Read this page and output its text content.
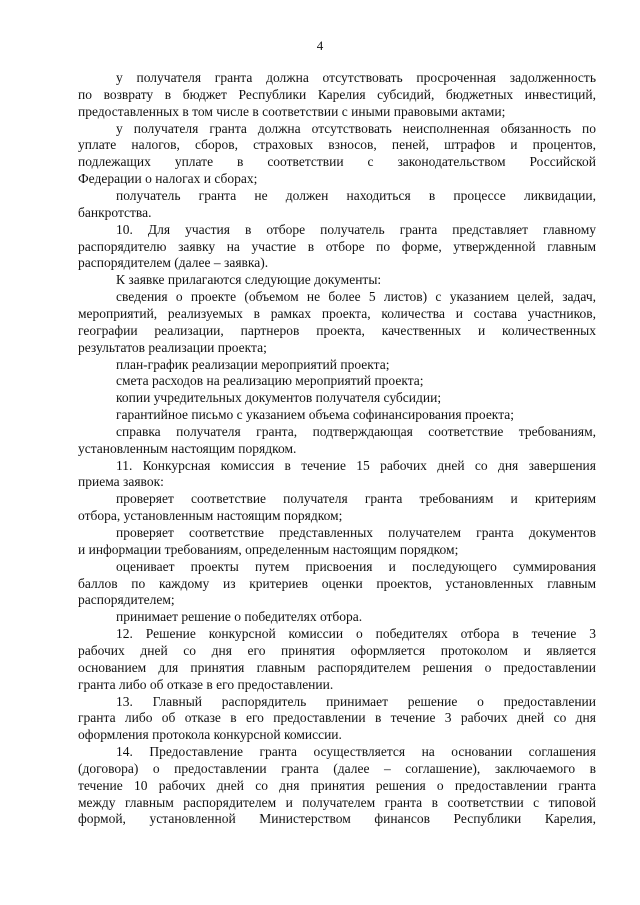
4
у получателя гранта должна отсутствовать просроченная задолженность
по возврату в бюджет Республики Карелия субсидий, бюджетных инвестиций,
предоставленных в том числе в соответствии с иными правовыми актами;
у получателя гранта должна отсутствовать неисполненная обязанность по
уплате налогов, сборов, страховых взносов, пеней, штрафов и процентов,
подлежащих уплате в соответствии с законодательством Российской
Федерации о налогах и сборах;
получатель гранта не должен находиться в процессе ликвидации,
банкротства.
10. Для участия в отборе получатель гранта представляет главному
распорядителю заявку на участие в отборе по форме, утвержденной главным
распорядителем (далее – заявка).
К заявке прилагаются следующие документы:
сведения о проекте (объемом не более 5 листов) с указанием целей, задач,
мероприятий, реализуемых в рамках проекта, количества и состава участников,
географии реализации, партнеров проекта, качественных и количественных
результатов реализации проекта;
план-график реализации мероприятий проекта;
смета расходов на реализацию мероприятий проекта;
копии учредительных документов получателя субсидии;
гарантийное письмо с указанием объема софинансирования проекта;
справка получателя гранта, подтверждающая соответствие требованиям,
установленным настоящим порядком.
11. Конкурсная комиссия в течение 15 рабочих дней со дня завершения
приема заявок:
проверяет соответствие получателя гранта требованиям и критериям
отбора, установленным настоящим порядком;
проверяет соответствие представленных получателем гранта документов
и информации требованиям, определенным настоящим порядком;
оценивает проекты путем присвоения и последующего суммирования
баллов по каждому из критериев оценки проектов, установленных главным
распорядителем;
принимает решение о победителях отбора.
12. Решение конкурсной комиссии о победителях отбора в течение 3
рабочих дней со дня его принятия оформляется протоколом и является
основанием для принятия главным распорядителем решения о предоставлении
гранта либо об отказе в его предоставлении.
13. Главный распорядитель принимает решение о предоставлении
гранта либо об отказе в его предоставлении в течение 3 рабочих дней со дня
оформления протокола конкурсной комиссии.
14. Предоставление гранта осуществляется на основании соглашения
(договора) о предоставлении гранта (далее – соглашение), заключаемого в
течение 10 рабочих дней со дня принятия решения о предоставлении гранта
между главным распорядителем и получателем гранта в соответствии с типовой
формой, установленной Министерством финансов Республики Карелия,
